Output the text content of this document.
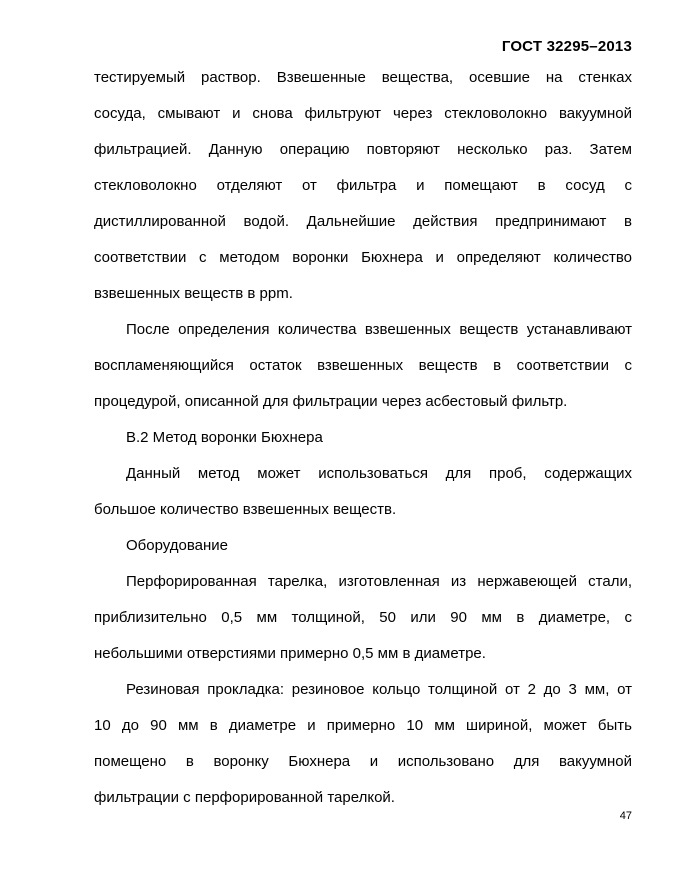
ГОСТ 32295–2013
тестируемый раствор. Взвешенные вещества, осевшие на стенках
сосуда, смывают и снова фильтруют через стекловолокно вакуумной
фильтрацией. Данную операцию повторяют несколько раз. Затем
стекловолокно отделяют от фильтра и помещают в сосуд с
дистиллированной водой. Дальнейшие действия предпринимают в
соответствии с методом воронки Бюхнера и определяют количество
взвешенных веществ в ppm.
После определения количества взвешенных веществ устанавливают
воспламеняющийся остаток взвешенных веществ в соответствии с
процедурой, описанной для фильтрации через асбестовый фильтр.
В.2 Метод воронки Бюхнера
Данный метод может использоваться для проб, содержащих
большое количество взвешенных веществ.
Оборудование
Перфорированная тарелка, изготовленная из нержавеющей стали,
приблизительно 0,5 мм толщиной, 50 или 90 мм в диаметре, с
небольшими отверстиями примерно 0,5 мм в диаметре.
Резиновая прокладка: резиновое кольцо толщиной от 2 до 3 мм, от
10 до 90 мм в диаметре и примерно 10 мм шириной, может быть
помещено в воронку Бюхнера и использовано для вакуумной
фильтрации с перфорированной тарелкой.
47
